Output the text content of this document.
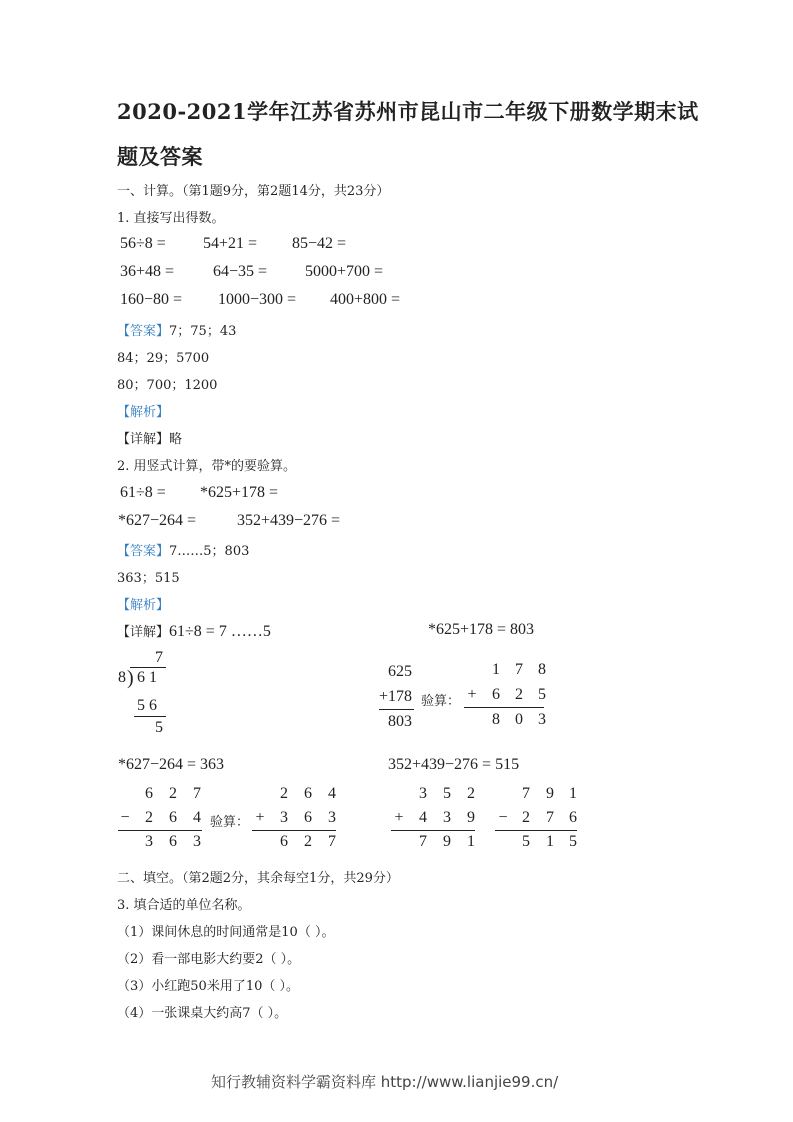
2020-2021学年江苏省苏州市昆山市二年级下册数学期末试
题及答案
一、计算。（第1题9分，第2题14分，共23分）
1. 直接写出得数。
56÷8 = 54+21 = 85−42 =
36+48 = 64−35 = 5000+700 =
160−80 = 1000−300 = 400+800 =
【答案】7；75；43
84；29；5700
80；700；1200
【解析】
【详解】略
2. 用竖式计算，带*的要验算。
61÷8 = *625+178 =
*627−264 =	352+439−276 =
【答案】7……5；803
363；515
【解析】
【详解】61÷8 = 7 ……5	*625+178 = 803
7
8 ) 6 1
5 6
5
625
+178
803
验算：
1 7 8
+ 6 2 5
8 0 3
*627−264 = 363	352+439−276 = 515
6 2 7
− 2 6 4
3 6 3
验算：
2 6 4
+ 3 6 3
6 2 7
3 5 2
+ 4 3 9
7 9 1
7 9 1
− 2 7 6
5 1 5
二、填空。（第2题2分，其余每空1分，共29分）
3. 填合适的单位名称。
（1）课间休息的时间通常是10（ ）。
（2）看一部电影大约要2（ ）。
（3）小红跑50米用了10（ ）。
（4）一张课桌大约高7（ ）。
知行教辅资料学霸资料库 http://www.lianjie99.cn/
